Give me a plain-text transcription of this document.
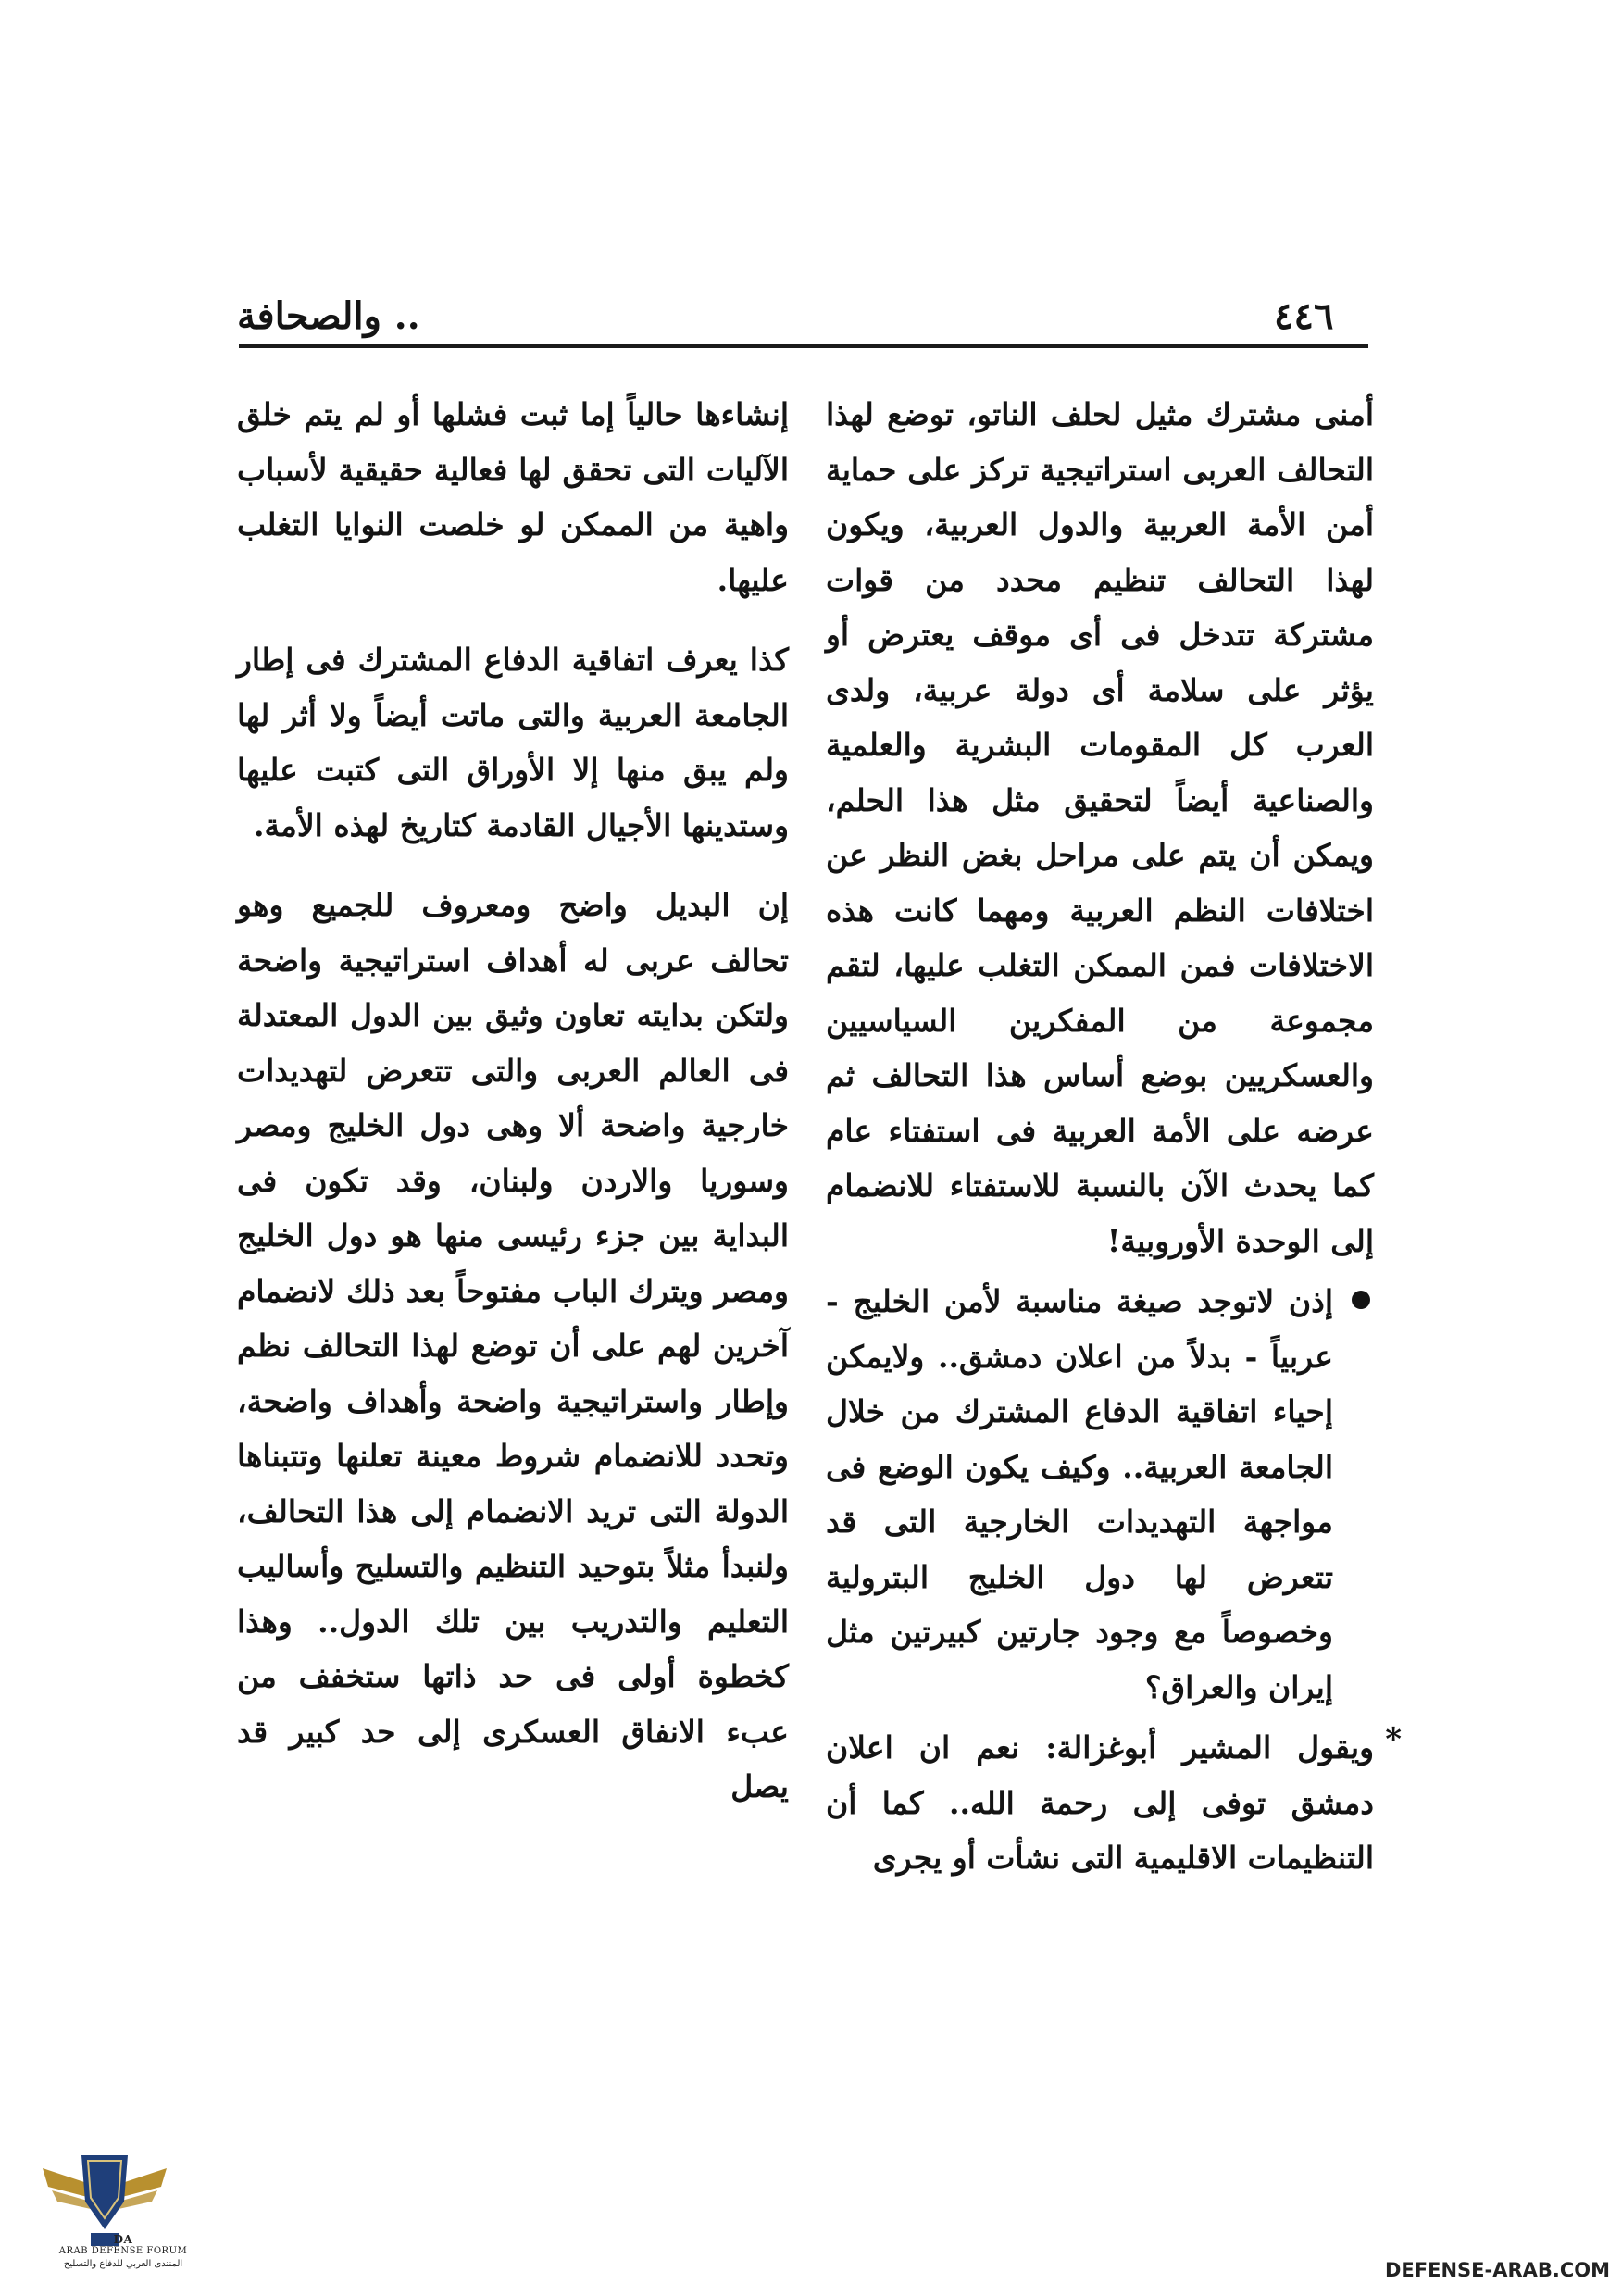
٤٤٦
.. والصحافة

أمنى مشترك مثيل لحلف الناتو، توضع لهذا التحالف العربى استراتيجية تركز على حماية أمن الأمة العربية والدول العربية، ويكون لهذا التحالف تنظيم محدد من قوات مشتركة تتدخل فى أى موقف يعترض أو يؤثر على سلامة أى دولة عربية، ولدى العرب كل المقومات البشرية والعلمية والصناعية أيضاً لتحقيق مثل هذا الحلم، ويمكن أن يتم على مراحل بغض النظر عن اختلافات النظم العربية ومهما كانت هذه الاختلافات فمن الممكن التغلب عليها، لتقم مجموعة من المفكرين السياسيين والعسكريين بوضع أساس هذا التحالف ثم عرضه على الأمة العربية فى استفتاء عام كما يحدث الآن بالنسبة للاستفتاء للانضمام إلى الوحدة الأوروبية!

إذن لاتوجد صيغة مناسبة لأمن الخليج - عربياً - بدلاً من اعلان دمشق.. ولايمكن إحياء اتفاقية الدفاع المشترك من خلال الجامعة العربية.. وكيف يكون الوضع فى مواجهة التهديدات الخارجية التى قد تتعرض لها دول الخليج البترولية وخصوصاً مع وجود جارتين كبيرتين مثل إيران والعراق؟

*
ويقول المشير أبوغزالة: نعم ان اعلان دمشق توفى إلى رحمة الله.. كما أن التنظيمات الاقليمية التى نشأت أو يجرى

إنشاءها حالياً إما ثبت فشلها أو لم يتم خلق الآليات التى تحقق لها فعالية حقيقية لأسباب واهية من الممكن لو خلصت النوايا التغلب عليها.

كذا يعرف اتفاقية الدفاع المشترك فى إطار الجامعة العربية والتى ماتت أيضاً ولا أثر لها ولم يبق منها إلا الأوراق التى كتبت عليها وستدينها الأجيال القادمة كتاريخ لهذه الأمة.

إن البديل واضح ومعروف للجميع وهو تحالف عربى له أهداف استراتيجية واضحة ولتكن بدايته تعاون وثيق بين الدول المعتدلة فى العالم العربى والتى تتعرض لتهديدات خارجية واضحة ألا وهى دول الخليج ومصر وسوريا والاردن ولبنان، وقد تكون فى البداية بين جزء رئيسى منها هو دول الخليج ومصر ويترك الباب مفتوحاً بعد ذلك لانضمام آخرين لهم على أن توضع لهذا التحالف نظم وإطار واستراتيجية واضحة وأهداف واضحة، وتحدد للانضمام شروط معينة تعلنها وتتبناها الدولة التى تريد الانضمام إلى هذا التحالف، ولنبدأ مثلاً بتوحيد التنظيم والتسليح وأساليب التعليم والتدريب بين تلك الدول.. وهذا كخطوة أولى فى حد ذاتها ستخفف من عبء الانفاق العسكرى إلى حد كبير قد يصل

DA
ARAB DEFENSE FORUM
المنتدى العربي للدفاع والتسليح	DEFENSE-ARAB.COM
